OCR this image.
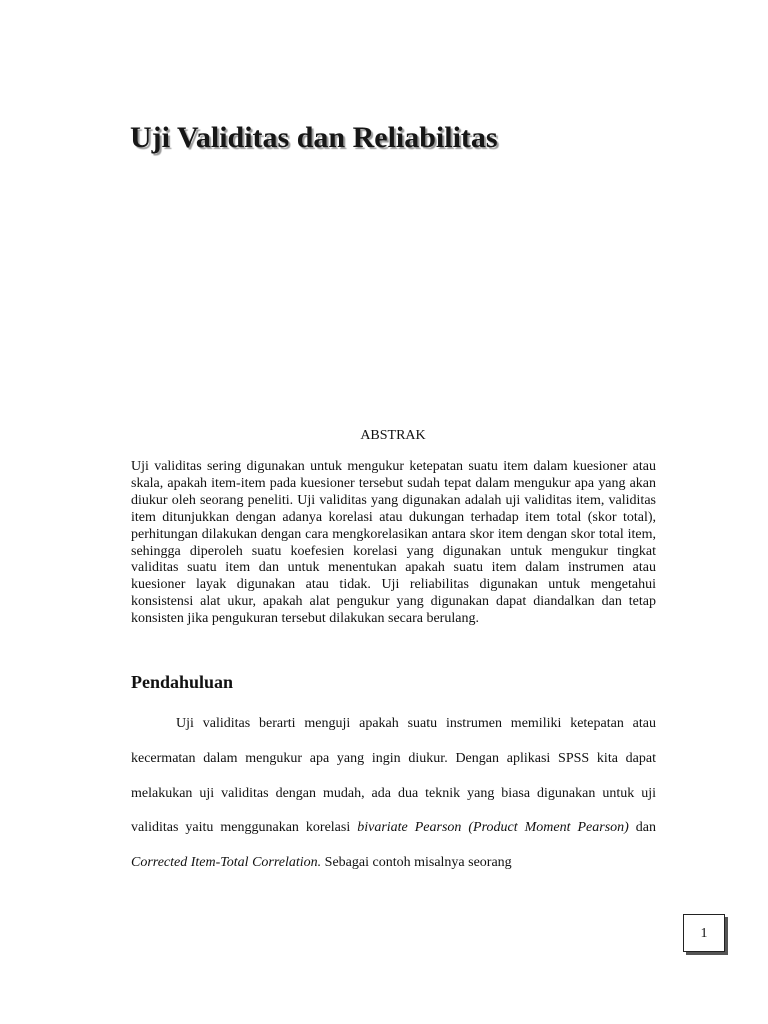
Uji Validitas dan Reliabilitas
ABSTRAK

Uji validitas sering digunakan untuk mengukur ketepatan suatu item dalam kuesioner atau skala, apakah item-item pada kuesioner tersebut sudah tepat dalam mengukur apa yang akan diukur oleh seorang peneliti. Uji validitas yang digunakan adalah uji validitas item, validitas item ditunjukkan dengan adanya korelasi atau dukungan terhadap item total (skor total), perhitungan dilakukan dengan cara mengkorelasikan antara skor item dengan skor total item, sehingga diperoleh suatu koefesien korelasi yang digunakan untuk mengukur tingkat validitas suatu item dan untuk menentukan apakah suatu item dalam instrumen atau kuesioner layak digunakan atau tidak. Uji reliabilitas digunakan untuk mengetahui konsistensi alat ukur, apakah alat pengukur yang digunakan dapat diandalkan dan tetap konsisten jika pengukuran tersebut dilakukan secara berulang.

Pendahuluan

Uji validitas berarti menguji apakah suatu instrumen memiliki ketepatan atau kecermatan dalam mengukur apa yang ingin diukur. Dengan aplikasi SPSS kita dapat melakukan uji validitas dengan mudah, ada dua teknik yang biasa digunakan untuk uji validitas yaitu menggunakan korelasi bivariate Pearson (Product Moment Pearson) dan Corrected Item-Total Correlation. Sebagai contoh misalnya seorang

1
